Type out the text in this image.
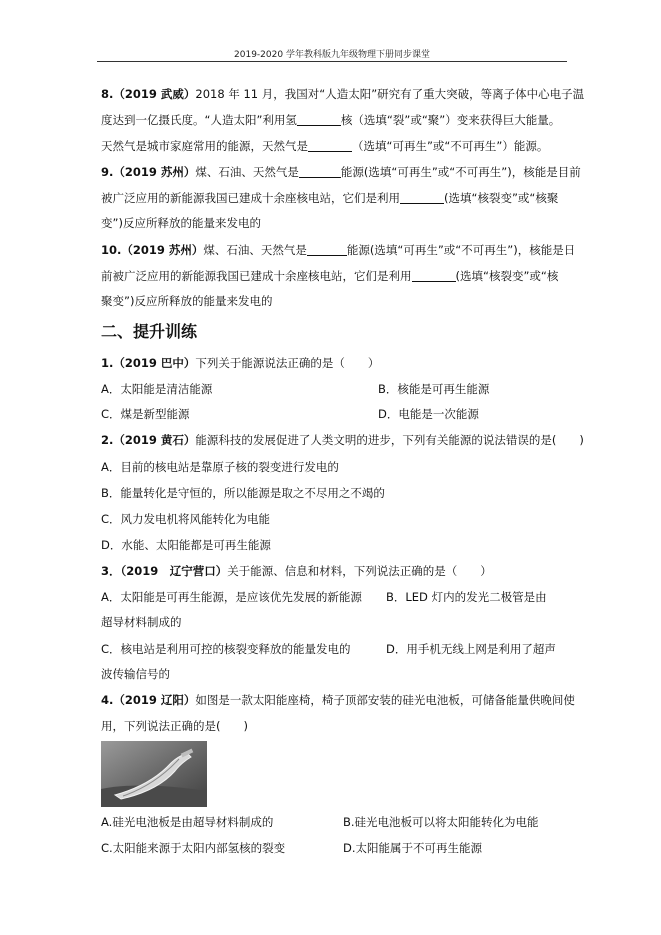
2019-2020 学年教科版九年级物理下册同步课堂
8.（2019 武威）2018 年 11 月，我国对“人造太阳”研究有了重大突破，等离子体中心电子温
度达到一亿摄氏度。“人造太阳”利用氢	核（选填“裂”或“聚”）变来获得巨大能量。
天然气是城市家庭常用的能源，天然气是	（选填“可再生”或“不可再生”）能源。
9.（2019 苏州）煤、石油、天然气是	能源(选填“可再生”或“不可再生”)，核能是目前
被广泛应用的新能源我国已建成十余座核电站，它们是利用	(选填“核裂变”或“核聚
变”)反应所释放的能量来发电的
10.（2019 苏州）煤、石油、天然气是	能源(选填“可再生”或“不可再生”)，核能是日
前被广泛应用的新能源我国已建成十余座核电站，它们是利用	(选填“核裂变”或“核
聚变”)反应所释放的能量来发电的
二、提升训练
1.（2019 巴中）下列关于能源说法正确的是（　　）
A．太阳能是清洁能源	B．核能是可再生能源
C．煤是新型能源	D．电能是一次能源
2.（2019 黄石）能源科技的发展促进了人类文明的进步，下列有关能源的说法错误的是(　　)
A．目前的核电站是靠原子核的裂变进行发电的
B．能量转化是守恒的，所以能源是取之不尽用之不竭的
C．风力发电机将风能转化为电能
D．水能、太阳能都是可再生能源
3．（2019　辽宁营口）关于能源、信息和材料，下列说法正确的是（　　）
A．太阳能是可再生能源，是应该优先发展的新能源 B．LED 灯内的发光二极管是由
超导材料制成的
C．核电站是利用可控的核裂变释放的能量发电的	D．用手机无线上网是利用了超声
波传输信号的
4.（2019 辽阳）如图是一款太阳能座椅，椅子顶部安装的硅光电池板，可储备能量供晚间使
用，下列说法正确的是(　　)
A.硅光电池板是由超导材料制成的	B.硅光电池板可以将太阳能转化为电能
C.太阳能来源于太阳内部氢核的裂变	D.太阳能属于不可再生能源
